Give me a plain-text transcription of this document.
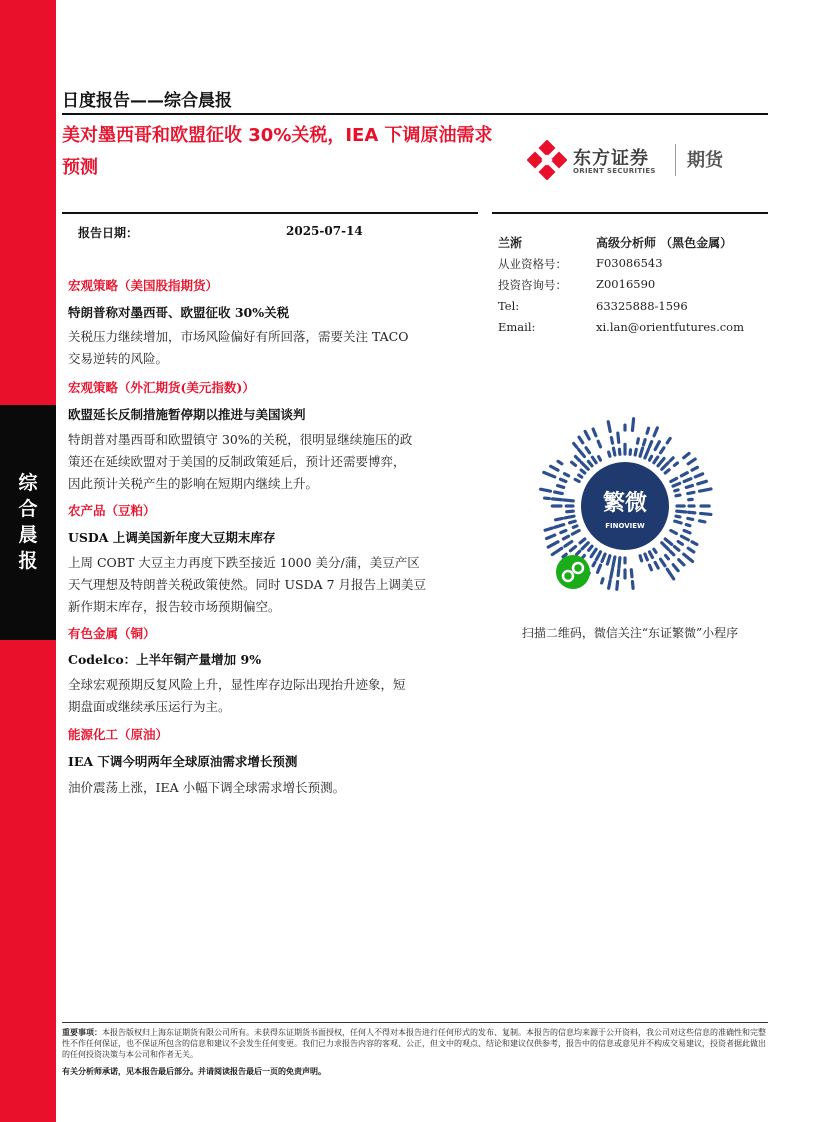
综
合
晨
报
日度报告——综合晨报
美对墨西哥和欧盟征收 30%关税，IEA 下调原油需求预测	东方证券
ORIENT SECURITIES 期货
报告日期：	2025-07-14
宏观策略（美国股指期货）
特朗普称对墨西哥、欧盟征收 30%关税
关税压力继续增加，市场风险偏好有所回落，需要关注 TACO
交易逆转的风险。
宏观策略（外汇期货(美元指数)）
欧盟延长反制措施暂停期以推进与美国谈判
特朗普对墨西哥和欧盟镇守 30%的关税，很明显继续施压的政
策还在延续欧盟对于美国的反制政策延后，预计还需要博弈，
因此预计关税产生的影响在短期内继续上升。
农产品（豆粕）
USDA 上调美国新年度大豆期末库存
上周 COBT 大豆主力再度下跌至接近 1000 美分/蒲，美豆产区
天气理想及特朗普关税政策使然。同时 USDA 7 月报告上调美豆
新作期末库存，报告较市场预期偏空。
有色金属（铜）
Codelco：上半年铜产量增加 9%
全球宏观预期反复风险上升，显性库存边际出现抬升迹象，短
期盘面或继续承压运行为主。
能源化工（原油）
IEA 下调今明两年全球原油需求增长预测
油价震荡上涨，IEA 小幅下调全球需求增长预测。
兰淅	高级分析师 （黑色金属）
从业资格号：	F03086543
投资咨询号：	Z0016590
Tel:	63325888-1596
Email:	xi.lan@orientfutures.com
繁微
FINOVIEW
扫描二维码，微信关注“东证繁微”小程序
重要事项：本报告版权归上海东证期货有限公司所有。未获得东证期货书面授权，任何人不得对本报告进行任何形式的发布、复制。本报告的信息均来源于公开资料，我公司对这些信息的准确性和完整性不作任何保证，也不保证所包含的信息和建议不会发生任何变更。我们已力求报告内容的客观、公正，但文中的观点、结论和建议仅供参考，报告中的信息或意见并不构成交易建议，投资者据此做出的任何投资决策与本公司和作者无关。
有关分析师承诺，见本报告最后部分。并请阅读报告最后一页的免责声明。
